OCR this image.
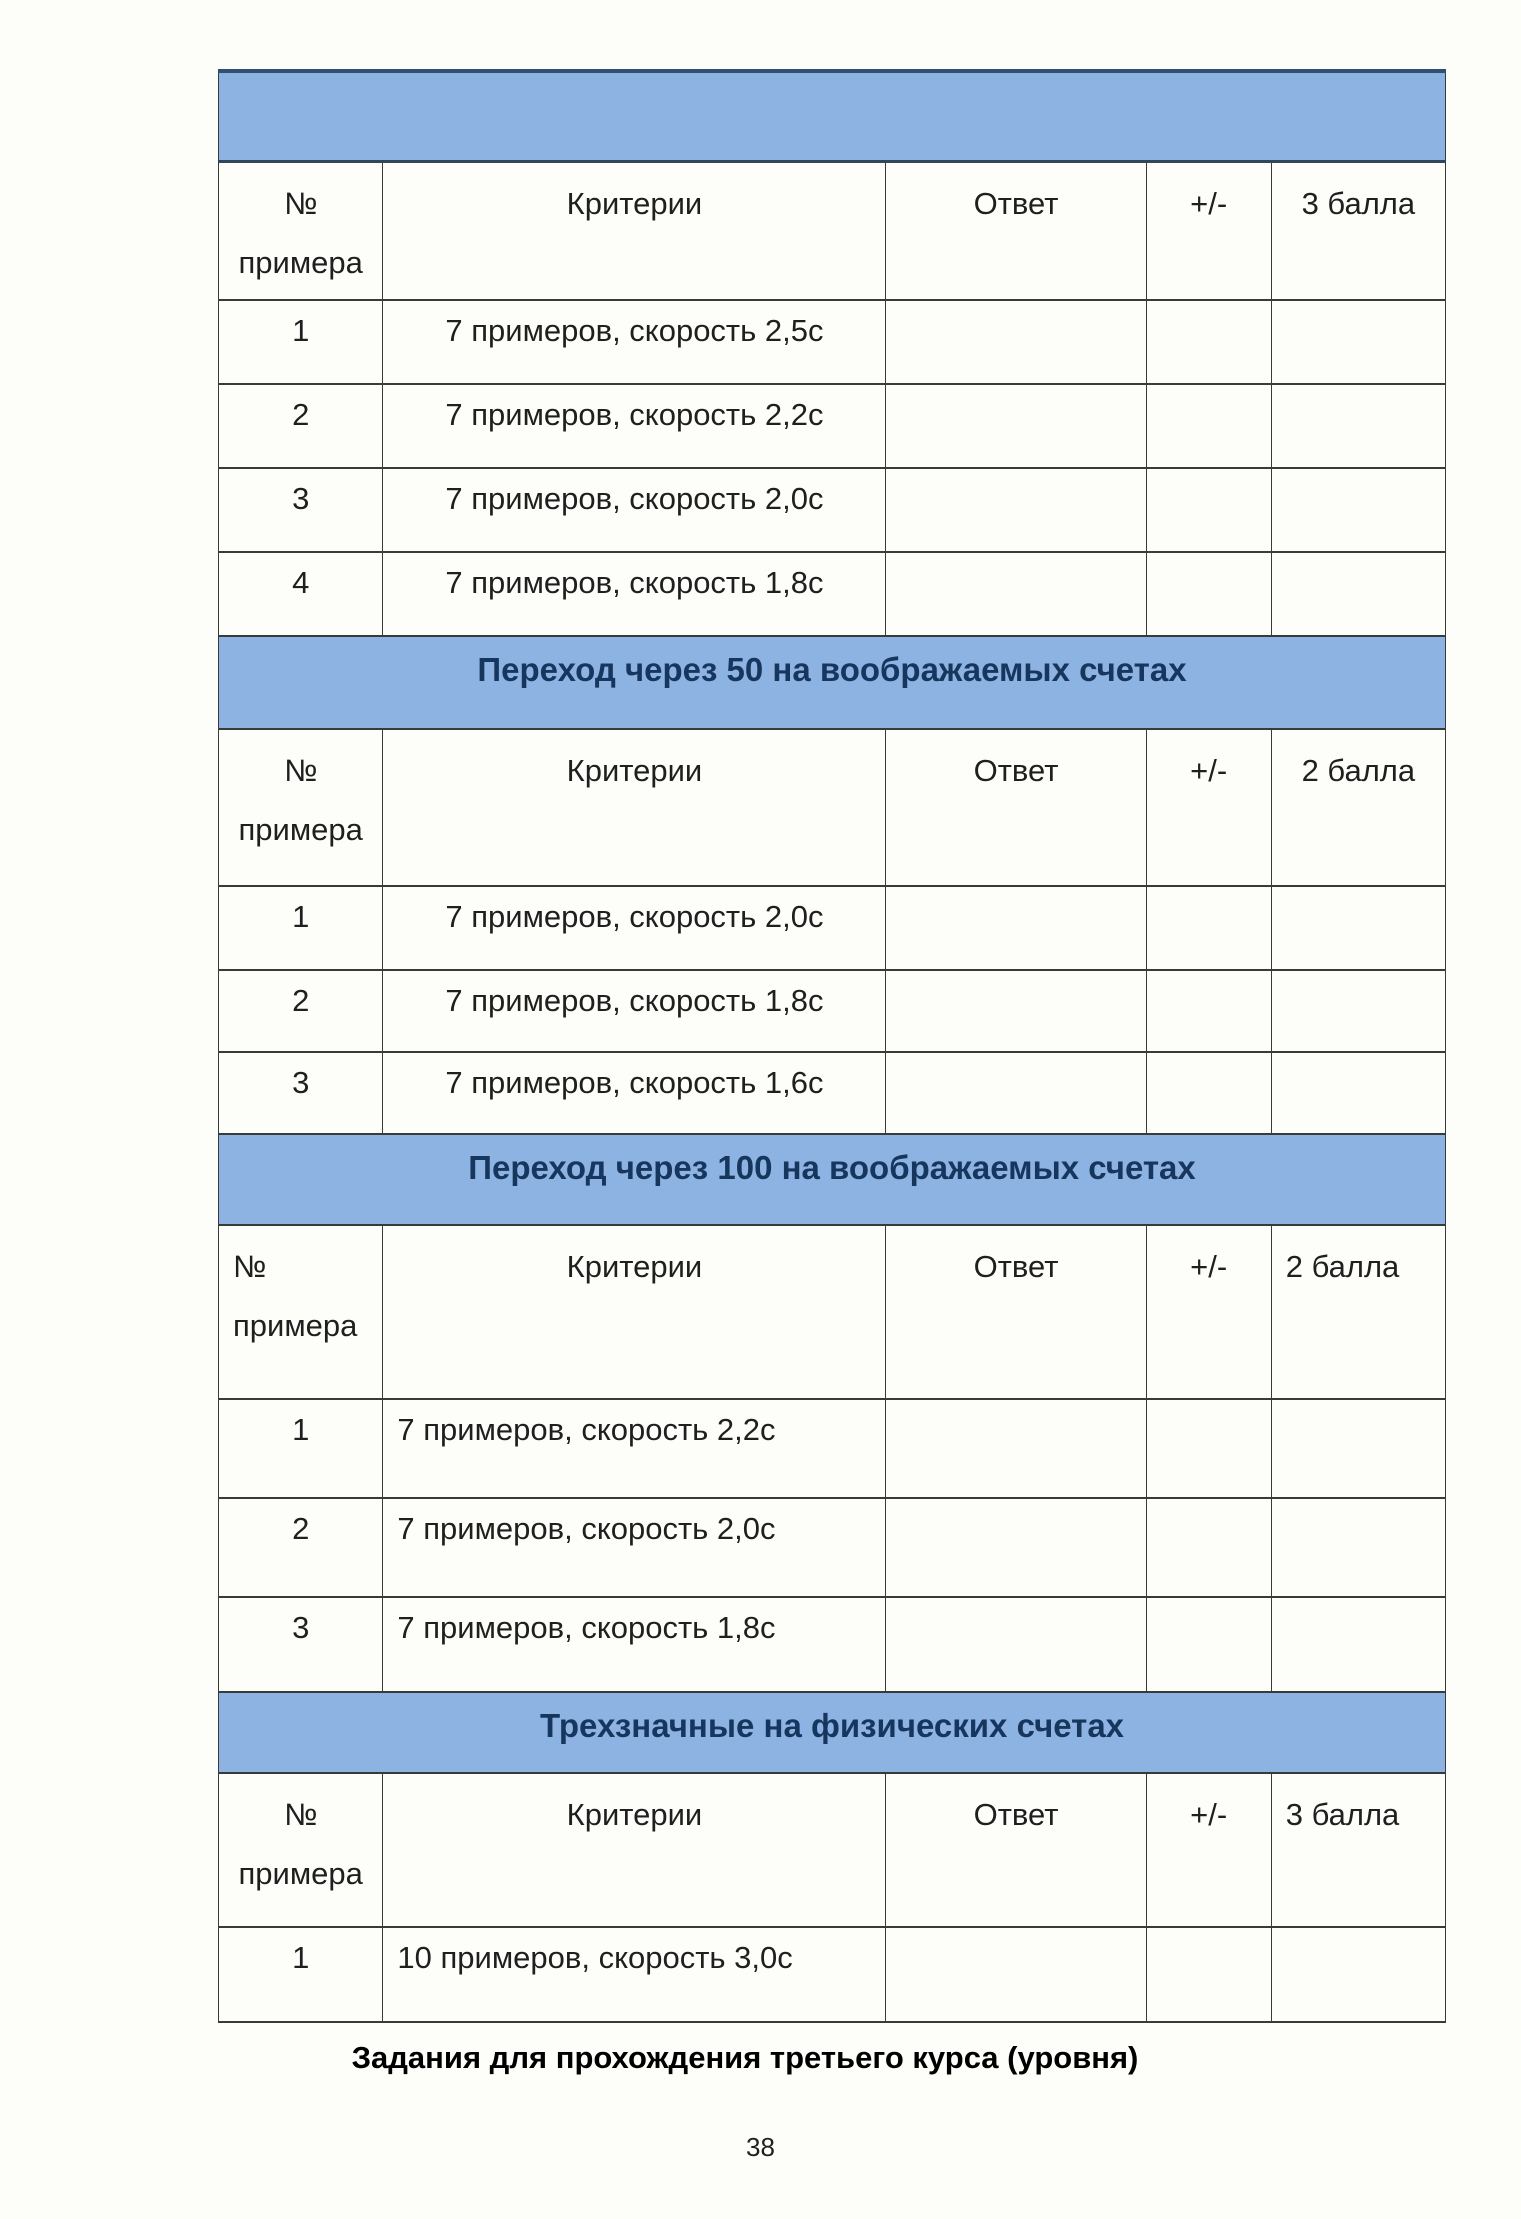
№
примера	Критерии	Ответ	+/-	3 балла
1	7 примеров, скорость 2,5с			
2	7 примеров, скорость 2,2с			
3	7 примеров, скорость 2,0с			
4	7 примеров, скорость 1,8с			
Переход через 50 на воображаемых счетах				

№
примера	Критерии	Ответ	+/-	2 балла
1	7 примеров, скорость 2,0с			
2	7 примеров, скорость 1,8с			
3	7 примеров, скорость 1,6с			
Переход через 100 на воображаемых счетах				

№
примера	Критерии	Ответ	+/-	2 балла
1	7 примеров, скорость 2,2с			
2	7 примеров, скорость 2,0с			
3	7 примеров, скорость 1,8с			
Трехзначные на физических счетах				

№
примера	Критерии	Ответ	+/-	3 балла
1	10 примеров, скорость 3,0с			
Задания для прохождения третьего курса (уровня)
38
